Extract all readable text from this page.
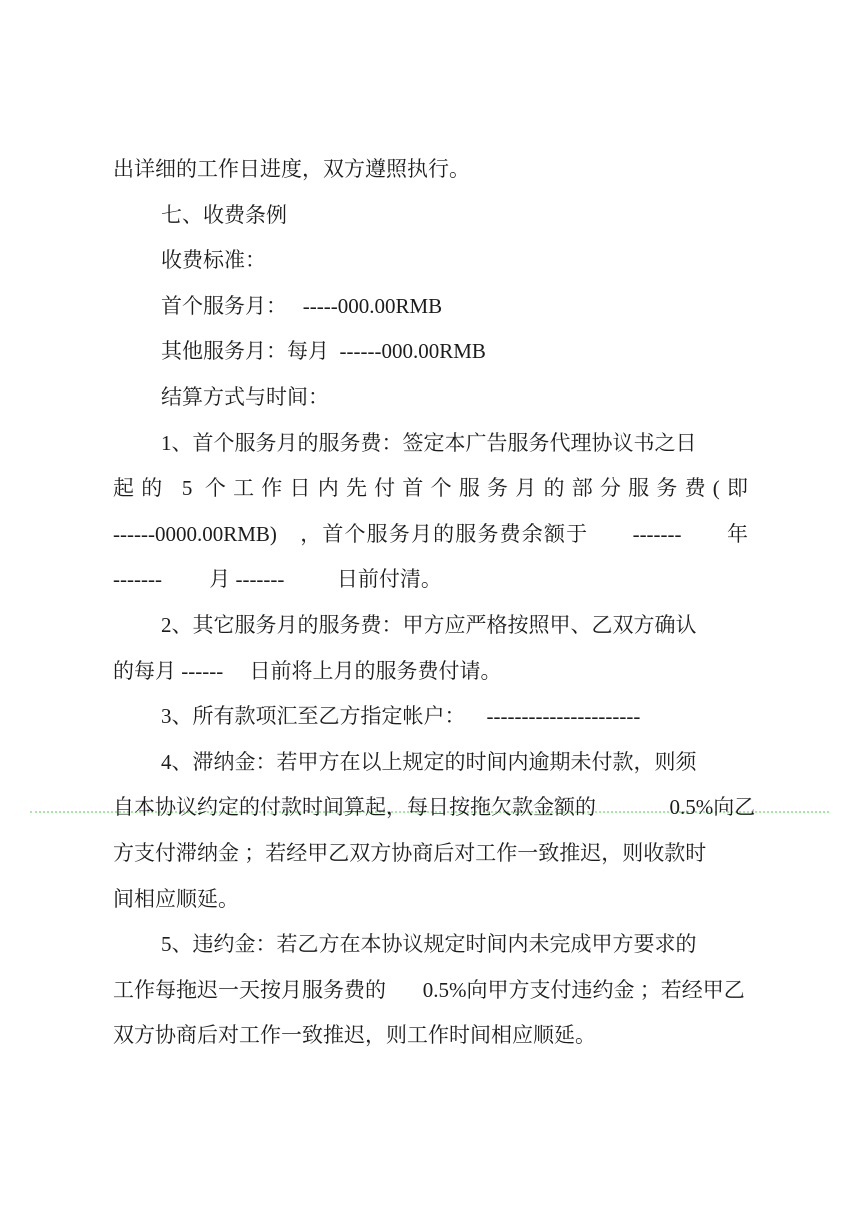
出详细的工作日进度，双方遵照执行。
七、收费条例
收费标准：
首个服务月：   -----000.00RMB
其他服务月：每月  ------000.00RMB
结算方式与时间：
1、首个服务月的服务费：签定本广告服务代理协议书之日
起的 5 个工作日内先付首个服务月的部分服务费(即
------0000.00RMB)　，首个服务月的服务费余额于　　-------　　年
-------         月 -------          日前付清。
2、其它服务月的服务费：甲方应严格按照甲、乙双方确认
的每月 ------     日前将上月的服务费付请。
3、所有款项汇至乙方指定帐户：    ----------------------
4、滞纳金：若甲方在以上规定的时间内逾期未付款，则须
自本协议约定的付款时间算起，每日按拖欠款金额的              0.5%向乙
方支付滞纳金 ；若经甲乙双方协商后对工作一致推迟，则收款时
间相应顺延。
5、违约金：若乙方在本协议规定时间内未完成甲方要求的
工作每拖迟一天按月服务费的       0.5%向甲方支付违约金 ；若经甲乙
双方协商后对工作一致推迟，则工作时间相应顺延。
